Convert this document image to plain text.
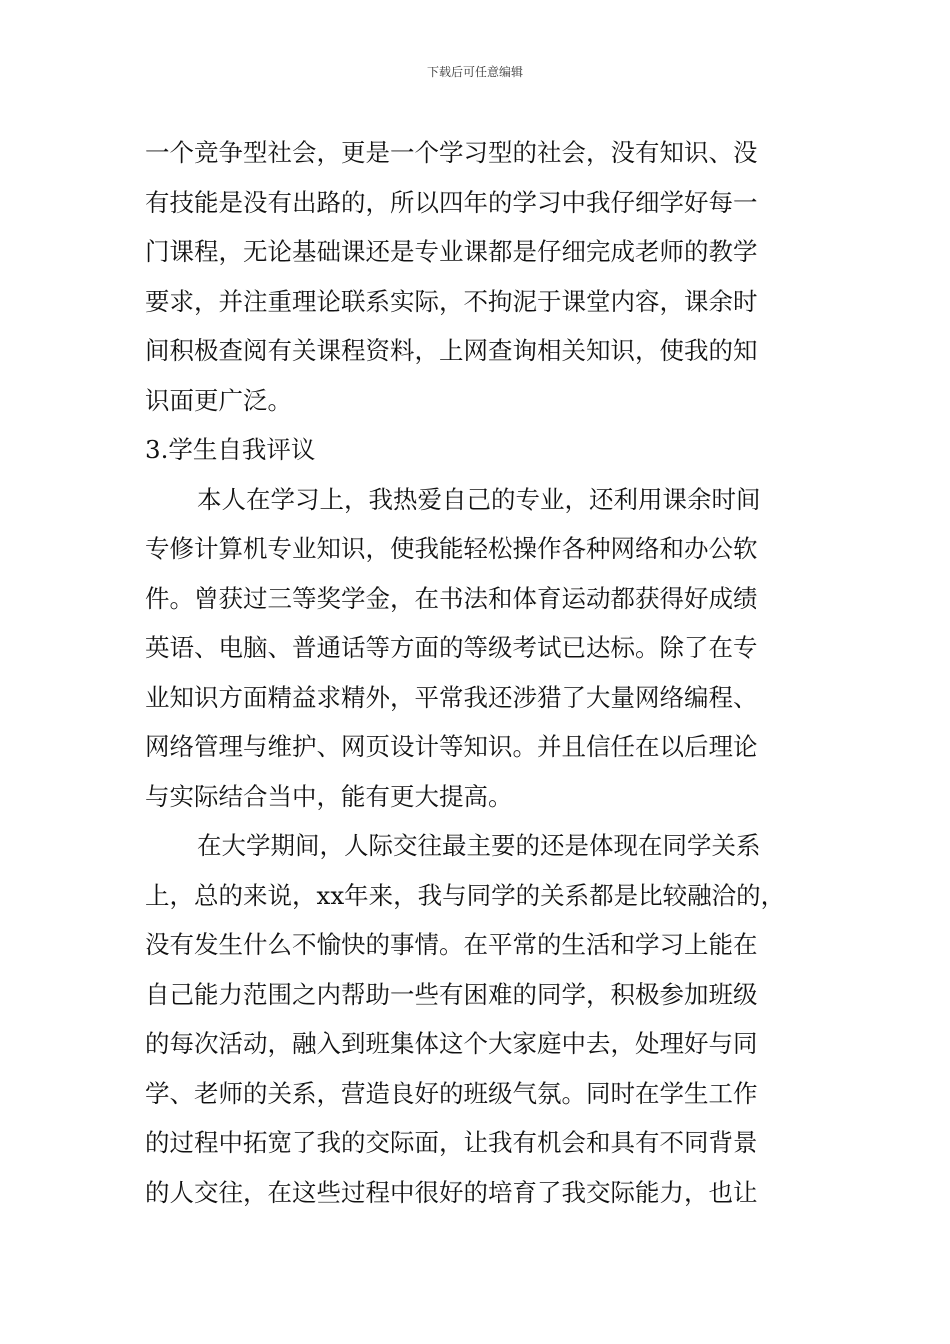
下载后可任意编辑
一个竞争型社会，更是一个学习型的社会，没有知识、没
有技能是没有出路的，所以四年的学习中我仔细学好每一
门课程，无论基础课还是专业课都是仔细完成老师的教学
要求，并注重理论联系实际，不拘泥于课堂内容，课余时
间积极查阅有关课程资料，上网查询相关知识，使我的知
识面更广泛。
3.学生自我评议
本人在学习上，我热爱自己的专业，还利用课余时间
专修计算机专业知识，使我能轻松操作各种网络和办公软
件。曾获过三等奖学金，在书法和体育运动都获得好成绩
英语、电脑、普通话等方面的等级考试已达标。除了在专
业知识方面精益求精外，平常我还涉猎了大量网络编程、
网络管理与维护、网页设计等知识。并且信任在以后理论
与实际结合当中，能有更大提高。
在大学期间，人际交往最主要的还是体现在同学关系
上，总的来说，xx年来，我与同学的关系都是比较融洽的，
没有发生什么不愉快的事情。在平常的生活和学习上能在
自己能力范围之内帮助一些有困难的同学，积极参加班级
的每次活动，融入到班集体这个大家庭中去，处理好与同
学、老师的关系，营造良好的班级气氛。同时在学生工作
的过程中拓宽了我的交际面，让我有机会和具有不同背景
的人交往，在这些过程中很好的培育了我交际能力，也让
